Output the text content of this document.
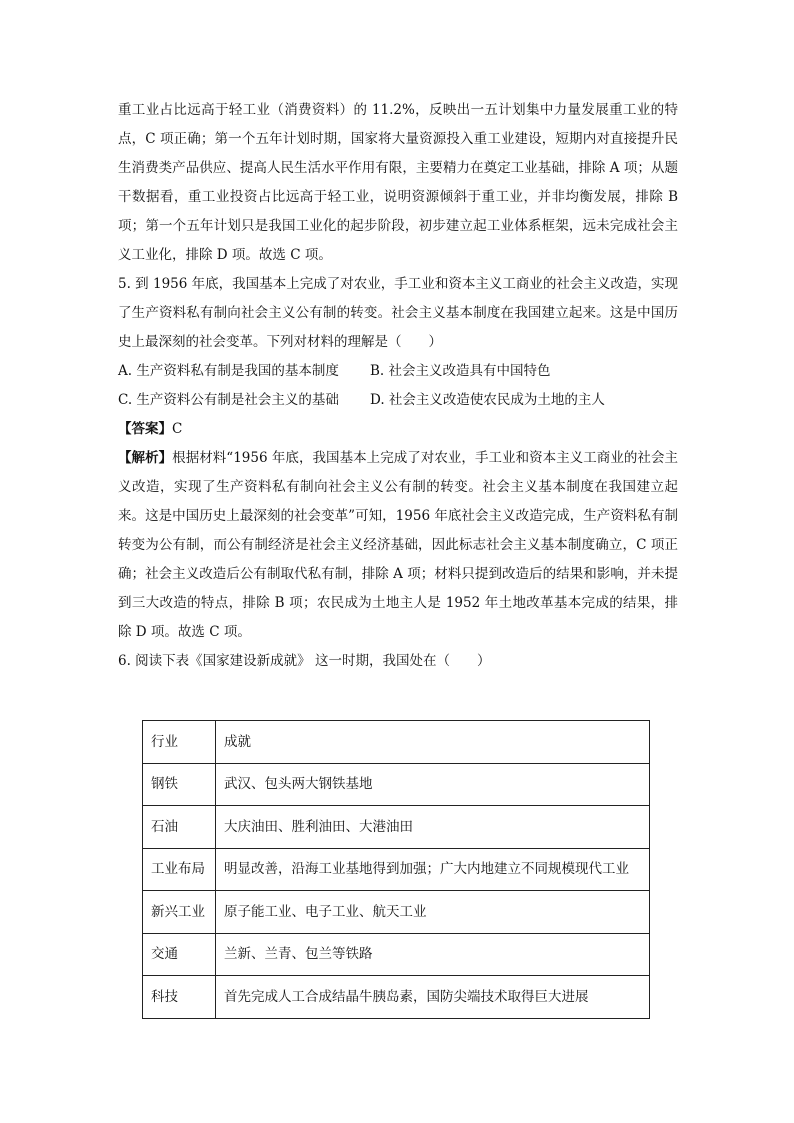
重工业占比远高于轻工业（消费资料）的 11.2%，反映出一五计划集中力量发展重工业的特点，C 项正确；第一个五年计划时期，国家将大量资源投入重工业建设，短期内对直接提升民生消费类产品供应、提高人民生活水平作用有限，主要精力在奠定工业基础，排除 A 项；从题干数据看，重工业投资占比远高于轻工业，说明资源倾斜于重工业，并非均衡发展，排除 B 项；第一个五年计划只是我国工业化的起步阶段，初步建立起工业体系框架，远未完成社会主义工业化，排除 D 项。故选 C 项。

5. 到 1956 年底，我国基本上完成了对农业，手工业和资本主义工商业的社会主义改造，实现了生产资料私有制向社会主义公有制的转变。社会主义基本制度在我国建立起来。这是中国历史上最深刻的社会变革。下列对材料的理解是（　　）

A. 生产资料私有制是我国的基本制度	B. 社会主义改造具有中国特色
C. 生产资料公有制是社会主义的基础	D. 社会主义改造使农民成为土地的主人

【答案】C

【解析】根据材料“1956 年底，我国基本上完成了对农业，手工业和资本主义工商业的社会主义改造，实现了生产资料私有制向社会主义公有制的转变。社会主义基本制度在我国建立起来。这是中国历史上最深刻的社会变革”可知，1956 年底社会主义改造完成，生产资料私有制转变为公有制，而公有制经济是社会主义经济基础，因此标志社会主义基本制度确立，C 项正确；社会主义改造后公有制取代私有制，排除 A 项；材料只提到改造后的结果和影响，并未提到三大改造的特点，排除 B 项；农民成为土地主人是 1952 年土地改革基本完成的结果，排除 D 项。故选 C 项。

6. 阅读下表《国家建设新成就》 这一时期，我国处在（　　）

行业	成就
钢铁	武汉、包头两大钢铁基地
石油	大庆油田、胜利油田、大港油田
工业布局	明显改善，沿海工业基地得到加强；广大内地建立不同规模现代工业
新兴工业	原子能工业、电子工业、航天工业
交通	兰新、兰青、包兰等铁路
科技	首先完成人工合成结晶牛胰岛素，国防尖端技术取得巨大进展
